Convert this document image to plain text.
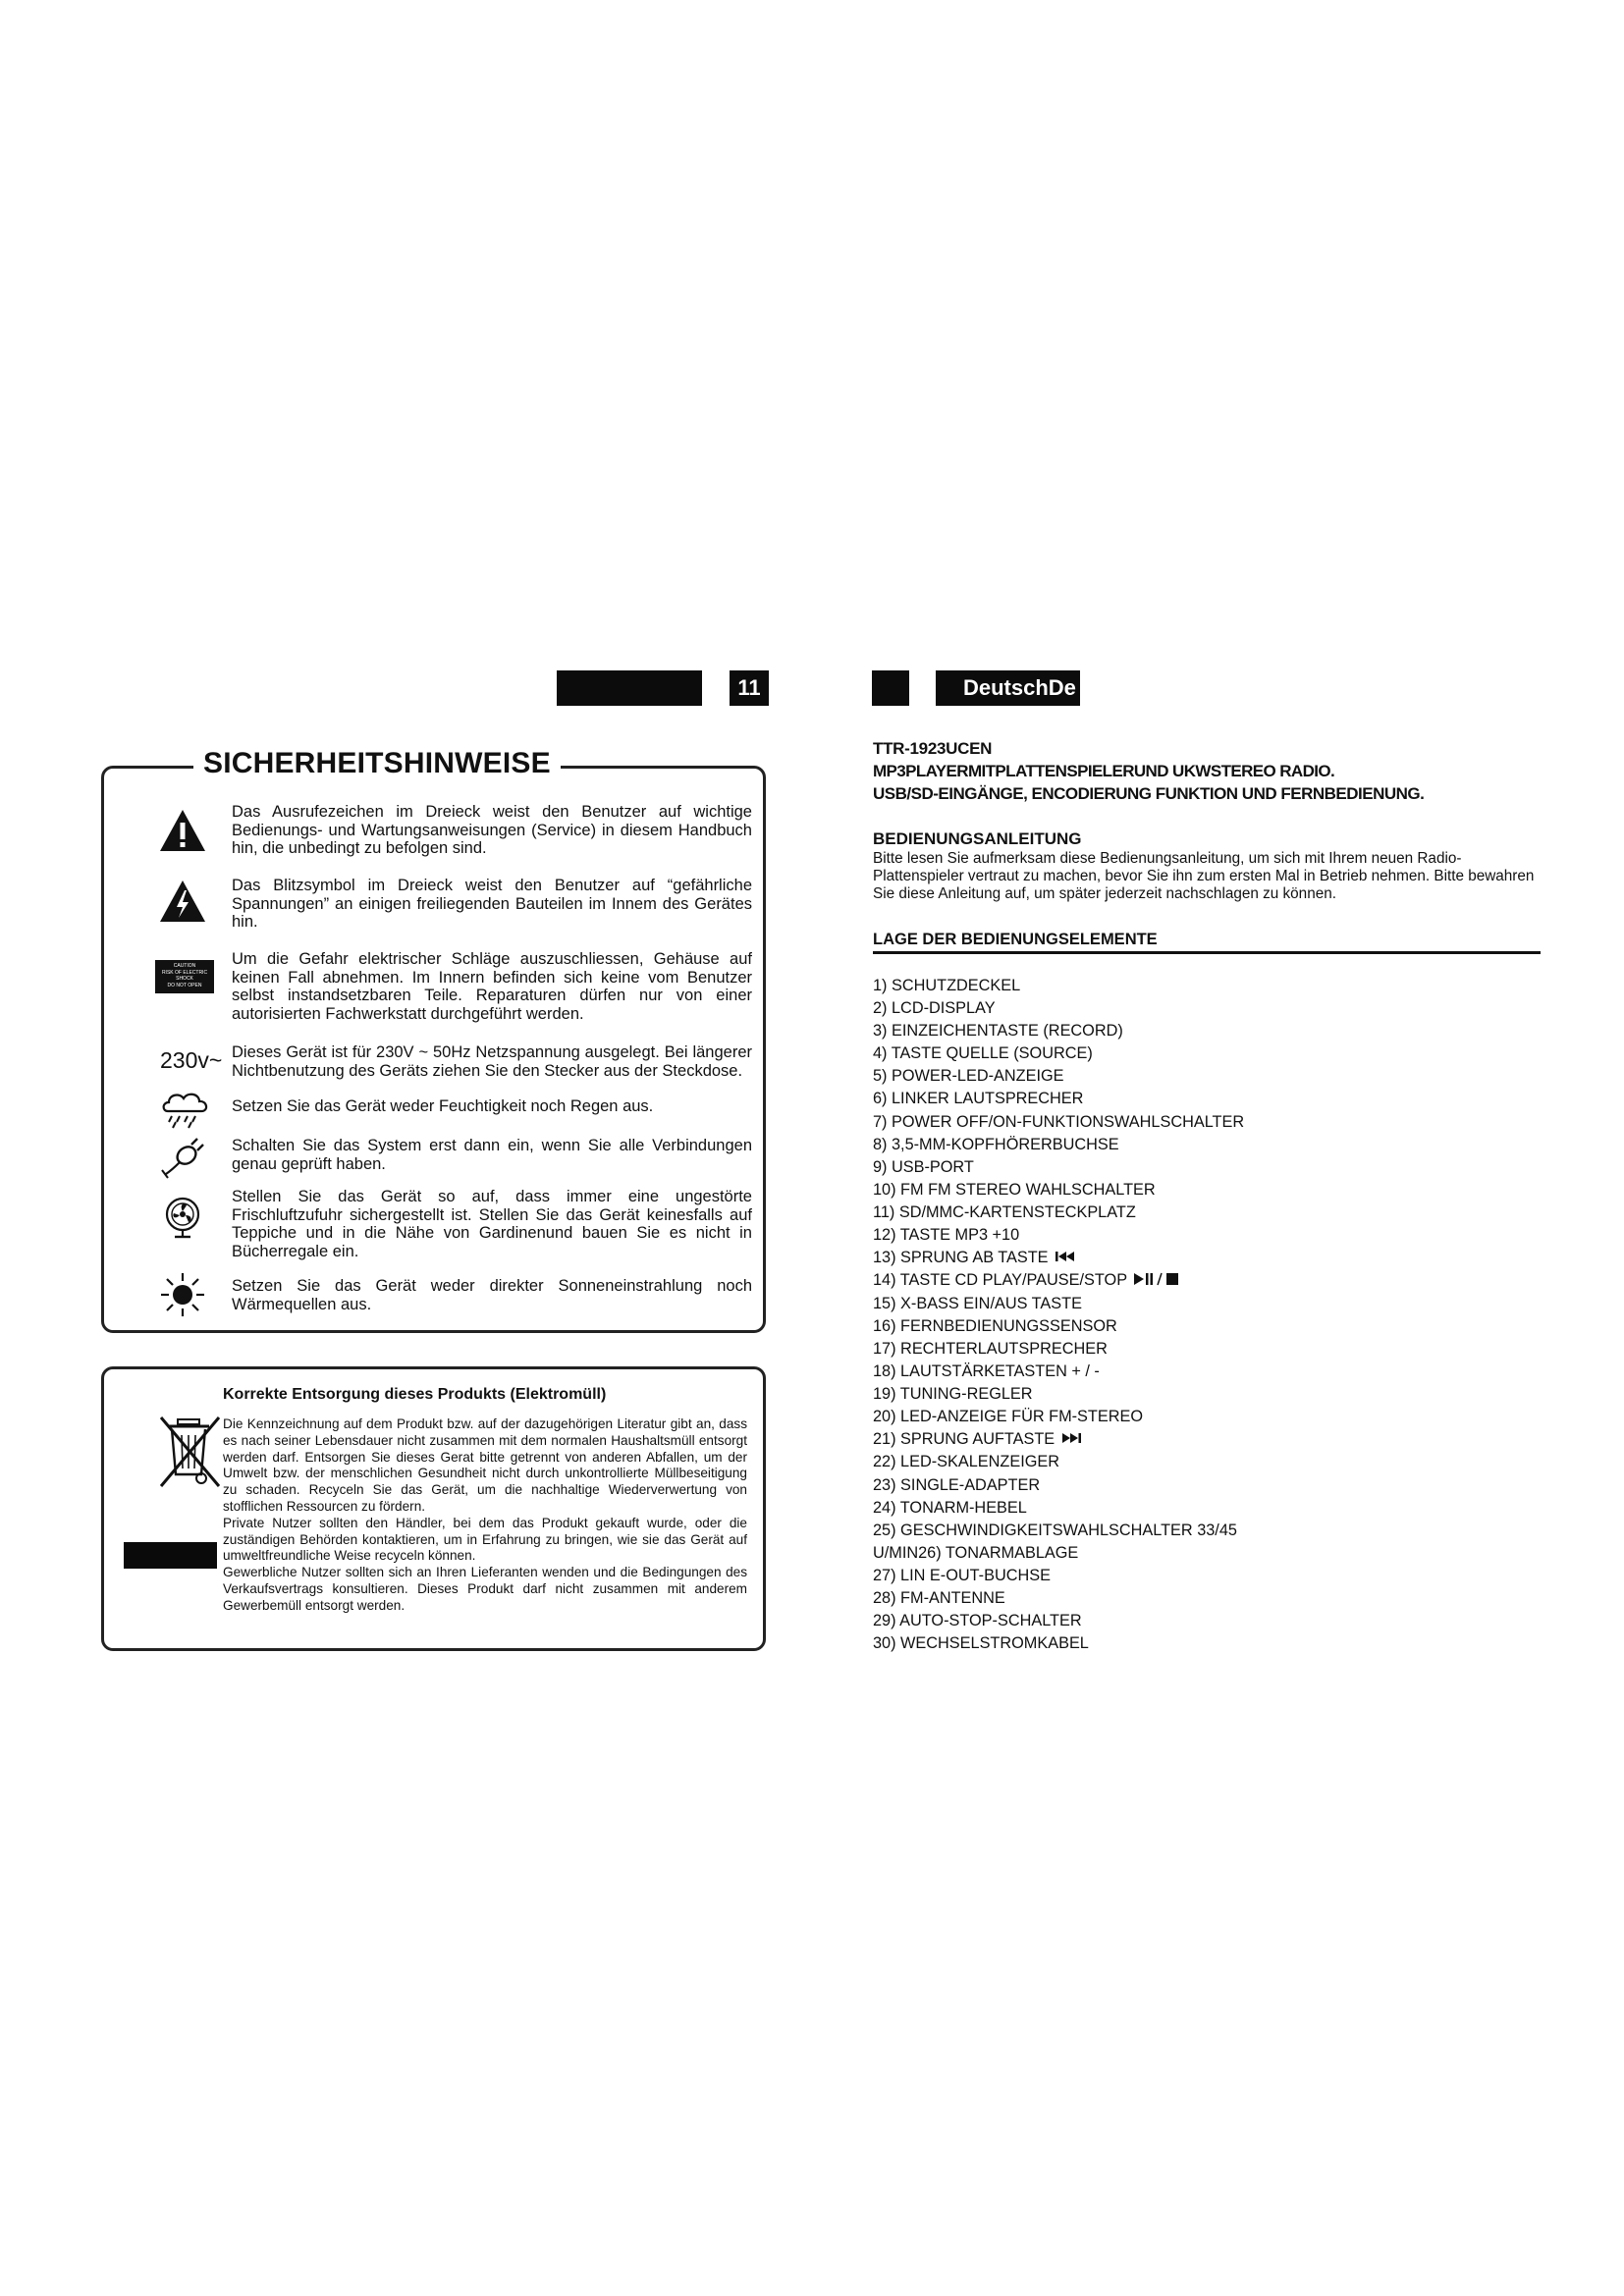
11	DeutschDe
SICHERHEITSHINWEISE
Das Ausrufezeichen im Dreieck weist den Benutzer auf wichtige Bedienungs- und Wartungsanweisungen (Service) in diesem Handbuch hin, die unbedingt zu befolgen sind.
Das Blitzsymbol im Dreieck weist den Benutzer auf “gefährliche Spannungen” an einigen freiliegenden Bauteilen im Innem des Gerätes hin.
CAUTION
RISK OF ELECTRIC
SHOCK
DO NOT OPEN
Um die Gefahr elektrischer Schläge auszuschliessen, Gehäuse auf keinen Fall abnehmen. Im Innern befinden sich keine vom Benutzer selbst instandsetzbaren Teile. Reparaturen dürfen nur von einer autorisierten Fachwerkstatt durchgeführt werden.
230v~ Dieses Gerät ist für 230V ~ 50Hz Netzspannung ausgelegt. Bei längerer Nichtbenutzung des Geräts ziehen Sie den Stecker aus der Steckdose.
Setzen Sie das Gerät weder Feuchtigkeit noch Regen aus.
Schalten Sie das System erst dann ein, wenn Sie alle Verbindungen genau geprüft haben.
Stellen Sie das Gerät so auf, dass immer eine ungestörte Frischluftzufuhr sichergestellt ist. Stellen Sie das Gerät keinesfalls auf Teppiche und in die Nähe von Gardinenund bauen Sie es nicht in Bücherregale ein.
Setzen Sie das Gerät weder direkter Sonneneinstrahlung noch Wärmequellen aus.
Korrekte Entsorgung dieses Produkts (Elektromüll)
Die Kennzeichnung auf dem Produkt bzw. auf der dazugehörigen Literatur gibt an, dass es nach seiner Lebensdauer nicht zusammen mit dem normalen Haushaltsmüll entsorgt werden darf. Entsorgen Sie dieses Gerat bitte getrennt von anderen Abfallen, um der Umwelt bzw. der menschlichen Gesundheit nicht durch unkontrollierte Müllbeseitigung zu schaden. Recyceln Sie das Gerät, um die nachhaltige Wiederverwertung von stofflichen Ressourcen zu fördern.
Private Nutzer sollten den Händler, bei dem das Produkt gekauft wurde, oder die zuständigen Behörden kontaktieren, um in Erfahrung zu bringen, wie sie das Gerät auf umweltfreundliche Weise recyceln können.
Gewerbliche Nutzer sollten sich an Ihren Lieferanten wenden und die Bedingungen des Verkaufsvertrags konsultieren. Dieses Produkt darf nicht zusammen mit anderem Gewerbemüll entsorgt werden.
TTR-1923UCEN
MP3PLAYERMITPLATTENSPIELERUND UKWSTEREO RADIO.
USB/SD-EINGÄNGE, ENCODIERUNG FUNKTION UND FERNBEDIENUNG.
BEDIENUNGSANLEITUNG
Bitte lesen Sie aufmerksam diese Bedienungsanleitung, um sich mit Ihrem neuen Radio-Plattenspieler vertraut zu machen, bevor Sie ihn zum ersten Mal in Betrieb nehmen. Bitte bewahren Sie diese Anleitung auf, um später jederzeit nachschlagen zu können.
LAGE DER BEDIENUNGSELEMENTE
1) SCHUTZDECKEL
2) LCD-DISPLAY
3) EINZEICHENTASTE (RECORD)
4) TASTE QUELLE (SOURCE)
5) POWER-LED-ANZEIGE
6) LINKER LAUTSPRECHER
7) POWER OFF/ON-FUNKTIONSWAHLSCHALTER
8) 3,5-MM-KOPFHÖRERBUCHSE
9) USB-PORT
10) FM FM STEREO WAHLSCHALTER
11) SD/MMC-KARTENSTECKPLATZ
12) TASTE MP3 +10
13) SPRUNG AB TASTE
14) TASTE CD PLAY/PAUSE/STOP
15) X-BASS EIN/AUS TASTE
16) FERNBEDIENUNGSSENSOR
17) RECHTERLAUTSPRECHER
18) LAUTSTÄRKETASTEN + / -
19) TUNING-REGLER
20) LED-ANZEIGE FÜR FM-STEREO
21) SPRUNG AUFTASTE
22) LED-SKALENZEIGER
23) SINGLE-ADAPTER
24) TONARM-HEBEL
25) GESCHWINDIGKEITSWAHLSCHALTER 33/45
U/MIN26) TONARMABLAGE
27) LIN E-OUT-BUCHSE
28) FM-ANTENNE
29) AUTO-STOP-SCHALTER
30) WECHSELSTROMKABEL
